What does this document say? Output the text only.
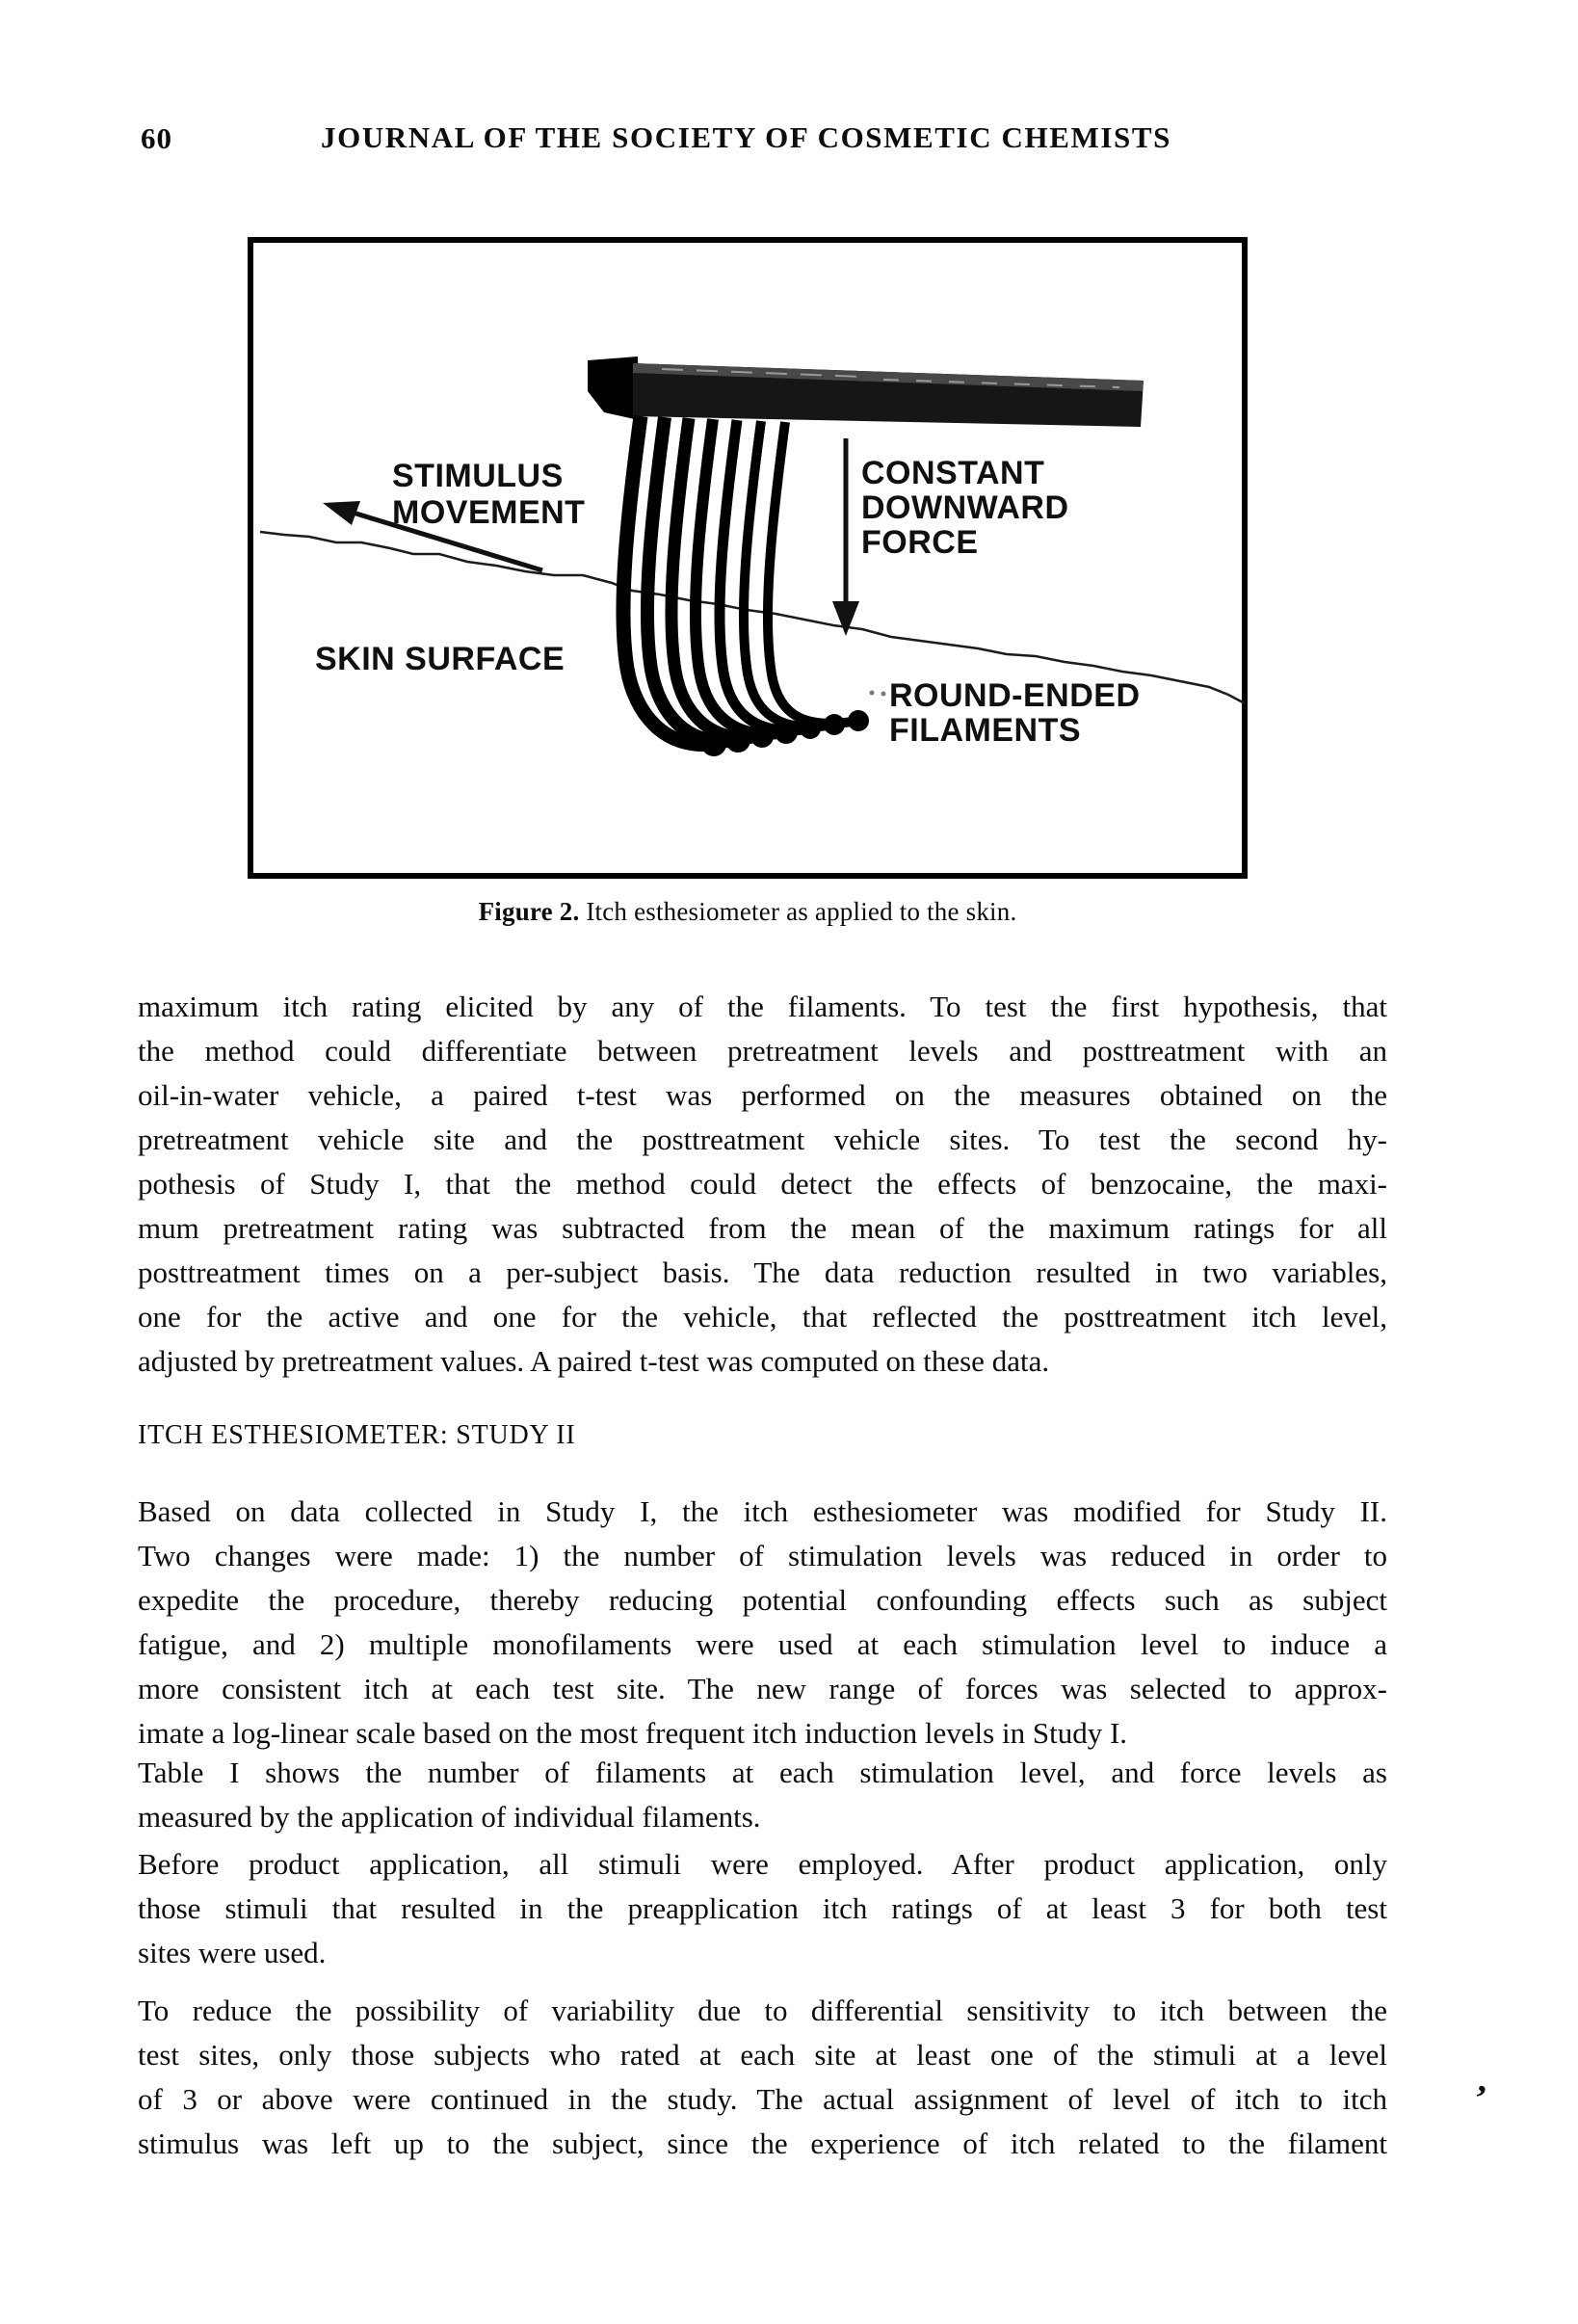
60	JOURNAL OF THE SOCIETY OF COSMETIC CHEMISTS
STIMULUS
MOVEMENT
CONSTANT
DOWNWARD
FORCE
SKIN SURFACE
ROUND-ENDED
FILAMENTS
Figure 2. Itch esthesiometer as applied to the skin.
maximum itch rating elicited by any of the filaments. To test the first hypothesis, that
the method could differentiate between pretreatment levels and posttreatment with an
oil-in-water vehicle, a paired t-test was performed on the measures obtained on the
pretreatment vehicle site and the posttreatment vehicle sites. To test the second hy-
pothesis of Study I, that the method could detect the effects of benzocaine, the maxi-
mum pretreatment rating was subtracted from the mean of the maximum ratings for all
posttreatment times on a per-subject basis. The data reduction resulted in two variables,
one for the active and one for the vehicle, that reflected the posttreatment itch level,
adjusted by pretreatment values. A paired t-test was computed on these data.
ITCH ESTHESIOMETER: STUDY II
Based on data collected in Study I, the itch esthesiometer was modified for Study II.
Two changes were made: 1) the number of stimulation levels was reduced in order to
expedite the procedure, thereby reducing potential confounding effects such as subject
fatigue, and 2) multiple monofilaments were used at each stimulation level to induce a
more consistent itch at each test site. The new range of forces was selected to approx-
imate a log-linear scale based on the most frequent itch induction levels in Study I.
Table I shows the number of filaments at each stimulation level, and force levels as
measured by the application of individual filaments.
Before product application, all stimuli were employed. After product application, only
those stimuli that resulted in the preapplication itch ratings of at least 3 for both test
sites were used.
To reduce the possibility of variability due to differential sensitivity to itch between the
test sites, only those subjects who rated at each site at least one of the stimuli at a level
of 3 or above were continued in the study. The actual assignment of level of itch to itch
stimulus was left up to the subject, since the experience of itch related to the filament
’
